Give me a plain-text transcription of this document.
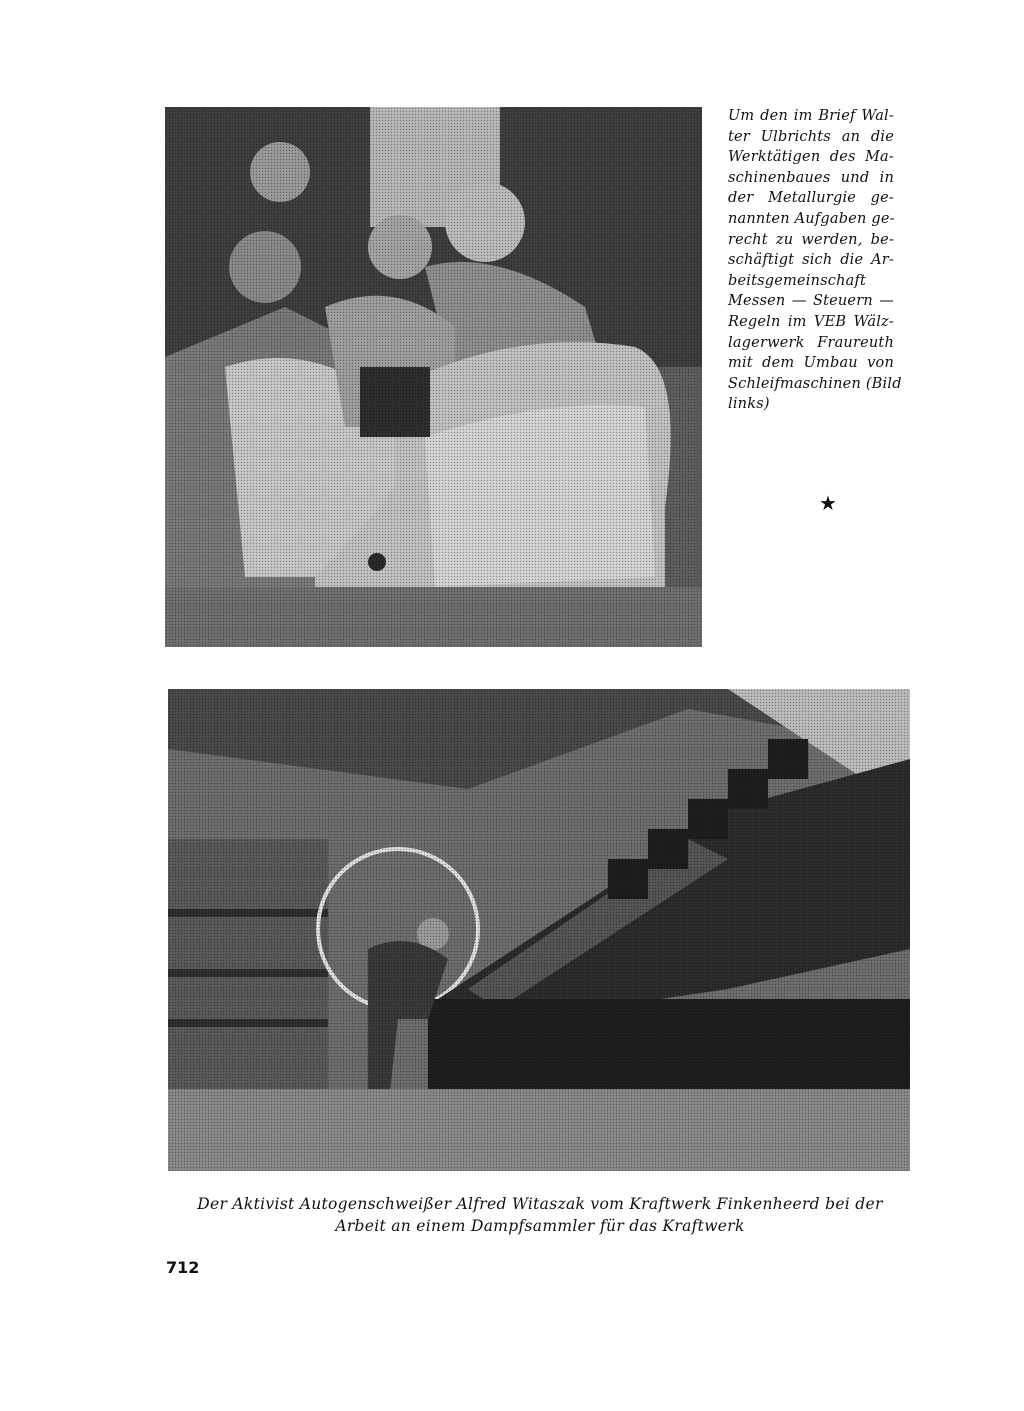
Um den im Brief Wal-
ter Ulbrichts an die
Werktätigen des Ma-
schinenbaues und in
der Metallurgie ge-
nannten Aufgaben ge-
recht zu werden, be-
schäftigt sich die Ar-
beitsgemeinschaft
Messen — Steuern —
Regeln im VEB Wälz-
lagerwerk Fraureuth
mit dem Umbau von
Schleifmaschinen (Bild
links)
★
Der Aktivist Autogenschweißer Alfred Witaszak vom Kraftwerk Finkenheerd bei der
Arbeit an einem Dampfsammler für das Kraftwerk
712
